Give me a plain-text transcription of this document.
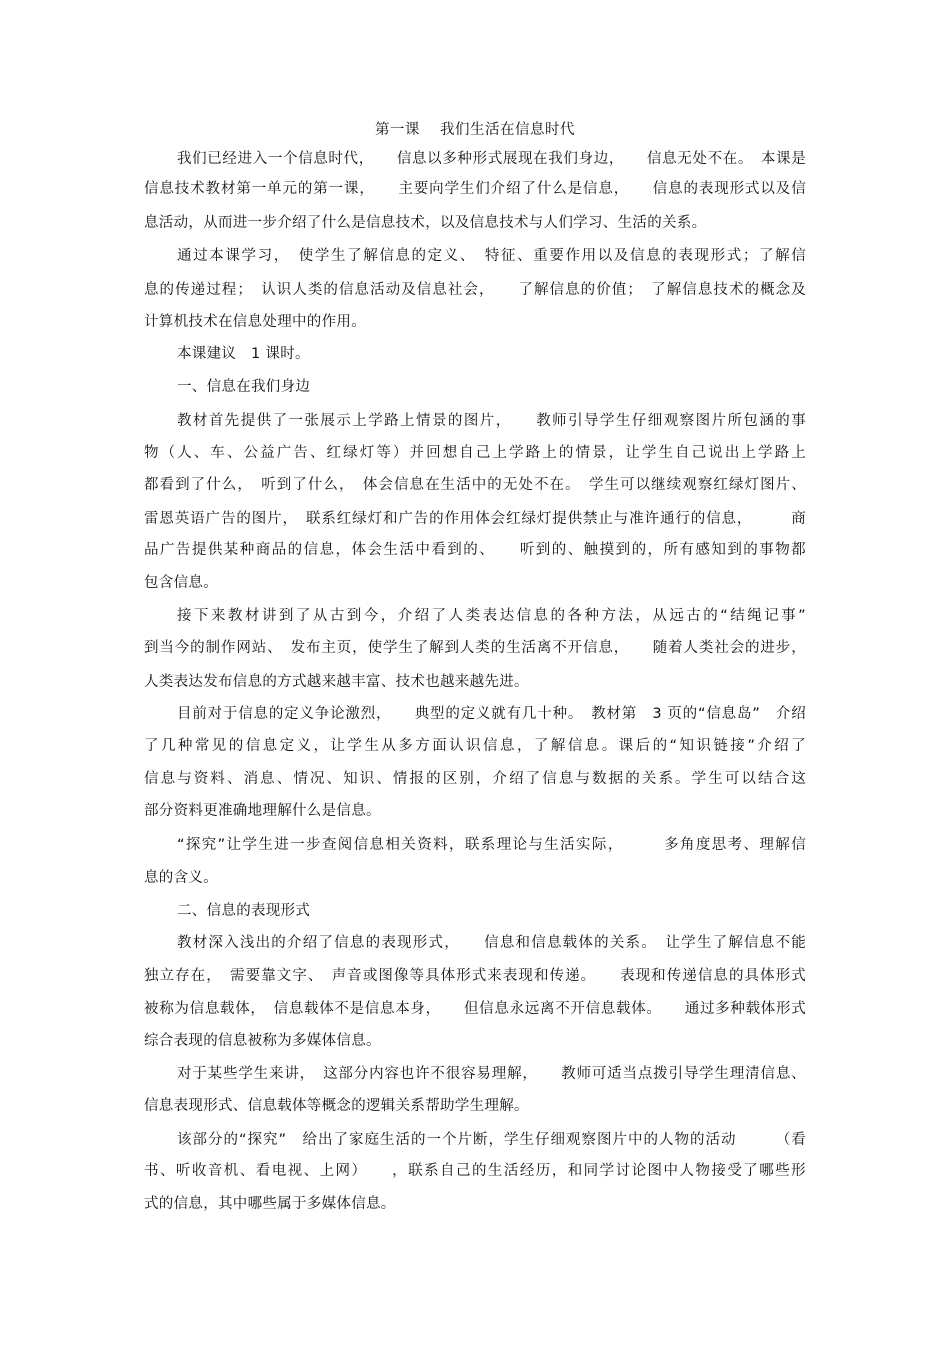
第一课　 我们生活在信息时代
我们已经进入一个信息时代，　　信息以多种形式展现在我们身边，　　信息无处不在。　本课是
信息技术教材第一单元的第一课，　　主要向学生们介绍了什么是信息，　　信息的表现形式以及信
息活动，从而进一步介绍了什么是信息技术，以及信息技术与人们学习、生活的关系。
通过本课学习，　使学生了解信息的定义、　特征、重要作用以及信息的表现形式；了解信
息的传递过程；　认识人类的信息活动及信息社会，　　了解信息的价值；　了解信息技术的概念及
计算机技术在信息处理中的作用。
本课建议　1 课时。
一、信息在我们身边
教材首先提供了一张展示上学路上情景的图片，　　教师引导学生仔细观察图片所包涵的事
物（人、车、公益广告、红绿灯等）并回想自己上学路上的情景，让学生自己说出上学路上
都看到了什么，　听到了什么，　体会信息在生活中的无处不在。　学生可以继续观察红绿灯图片、
雷恩英语广告的图片，　联系红绿灯和广告的作用体会红绿灯提供禁止与准许通行的信息，　　　商
品广告提供某种商品的信息，体会生活中看到的、　　听到的、触摸到的，所有感知到的事物都
包含信息。
接下来教材讲到了从古到今，介绍了人类表达信息的各种方法，从远古的“结绳记事”
到当今的制作网站、　发布主页，使学生了解到人类的生活离不开信息，　　随着人类社会的进步，
人类表达发布信息的方式越来越丰富、技术也越来越先进。
目前对于信息的定义争论激烈，　　典型的定义就有几十种。　教材第　3 页的“信息岛”　介绍
了几种常见的信息定义，让学生从多方面认识信息，了解信息。课后的“知识链接”介绍了
信息与资料、消息、情况、知识、情报的区别，介绍了信息与数据的关系。学生可以结合这
部分资料更准确地理解什么是信息。
“探究”让学生进一步查阅信息相关资料，联系理论与生活实际，　　　多角度思考、理解信
息的含义。
二、信息的表现形式
教材深入浅出的介绍了信息的表现形式，　　信息和信息载体的关系。　让学生了解信息不能
独立存在，　需要靠文字、　声音或图像等具体形式来表现和传递。　　表现和传递信息的具体形式
被称为信息载体，　信息载体不是信息本身，　　但信息永远离不开信息载体。　　通过多种载体形式
综合表现的信息被称为多媒体信息。
对于某些学生来讲，　这部分内容也许不很容易理解，　　教师可适当点拨引导学生理清信息、
信息表现形式、信息载体等概念的逻辑关系帮助学生理解。
该部分的“探究”　给出了家庭生活的一个片断，学生仔细观察图片中的人物的活动　　　（看
书、听收音机、看电视、上网）　　，联系自己的生活经历，和同学讨论图中人物接受了哪些形
式的信息，其中哪些属于多媒体信息。
